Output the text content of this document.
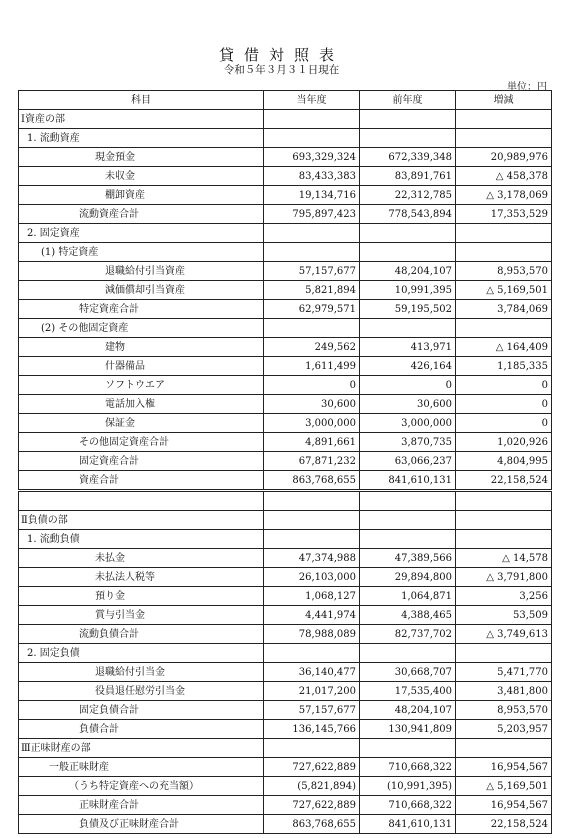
貸借対照表
令和５年３月３１日現在
単位：円
科目	当年度	前年度	増減
Ⅰ資産の部			
1. 流動資産			
現金預金	693,329,324	672,339,348	20,989,976
未収金	83,433,383	83,891,761	△ 458,378
棚卸資産	19,134,716	22,312,785	△ 3,178,069
流動資産合計	795,897,423	778,543,894	17,353,529
2. 固定資産			
(1) 特定資産			
退職給付引当資産	57,157,677	48,204,107	8,953,570
減価償却引当資産	5,821,894	10,991,395	△ 5,169,501
特定資産合計	62,979,571	59,195,502	3,784,069
(2) その他固定資産			
建物	249,562	413,971	△ 164,409
什器備品	1,611,499	426,164	1,185,335
ソフトウエア	0	0	0
電話加入権	30,600	30,600	0
保証金	3,000,000	3,000,000	0
その他固定資産合計	4,891,661	3,870,735	1,020,926
固定資産合計	67,871,232	63,066,237	4,804,995
資産合計	863,768,655	841,610,131	22,158,524

Ⅱ負債の部			
1. 流動負債			
未払金	47,374,988	47,389,566	△ 14,578
未払法人税等	26,103,000	29,894,800	△ 3,791,800
預り金	1,068,127	1,064,871	3,256
賞与引当金	4,441,974	4,388,465	53,509
流動負債合計	78,988,089	82,737,702	△ 3,749,613
2. 固定負債			
退職給付引当金	36,140,477	30,668,707	5,471,770
役員退任慰労引当金	21,017,200	17,535,400	3,481,800
固定負債合計	57,157,677	48,204,107	8,953,570
負債合計	136,145,766	130,941,809	5,203,957
Ⅲ正味財産の部			
一般正味財産	727,622,889	710,668,322	16,954,567
（うち特定資産への充当額）	(5,821,894)	(10,991,395)	△ 5,169,501
正味財産合計	727,622,889	710,668,322	16,954,567
負債及び正味財産合計	863,768,655	841,610,131	22,158,524
